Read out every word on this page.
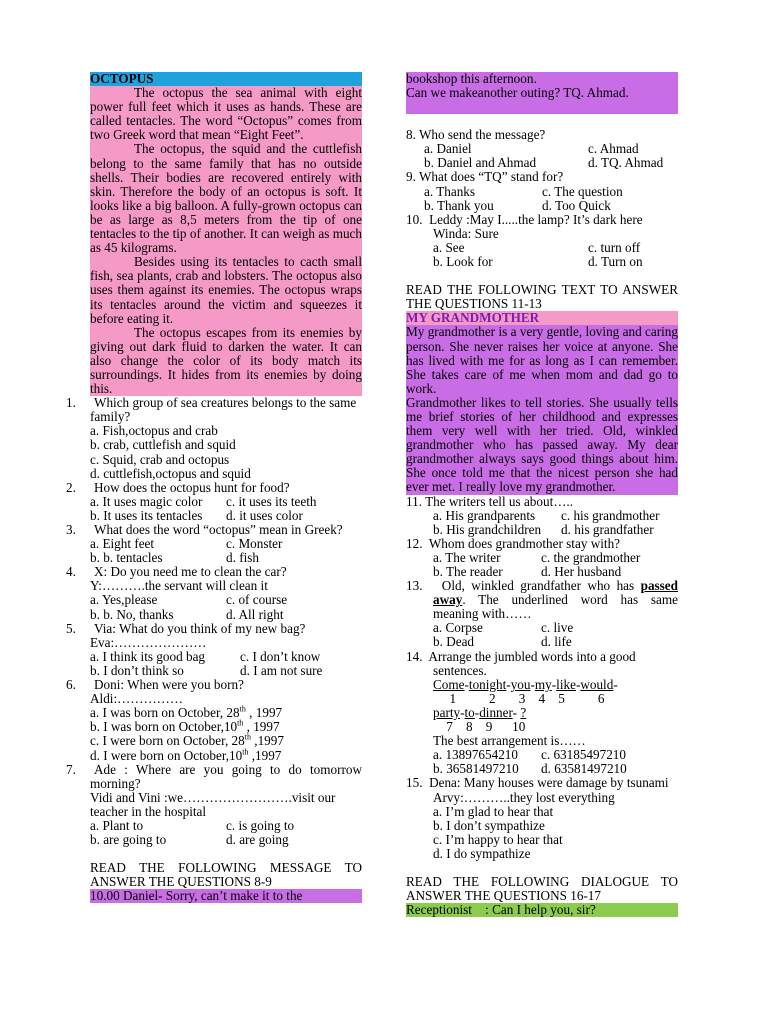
OCTOPUS

The octopus the sea animal with eight power full feet which it uses as hands. These are called tentacles. The word “Octopus” comes from two Greek word that mean “Eight Feet”.

The octopus, the squid and the cuttlefish belong to the same family that has no outside shells. Their bodies are recovered entirely with skin. Therefore the body of an octopus is soft. It looks like a big balloon. A fully-grown octopus can be as large as 8,5 meters from the tip of one tentacles to the tip of another. It can weigh as much as 45 kilograms.

Besides using its tentacles to cacth small fish, sea plants, crab and lobsters. The octopus also uses them against its enemies. The octopus wraps its tentacles around the victim and squeezes it before eating it.

The octopus escapes from its enemies by giving out dark fluid to darken the water. It can also change the color of its body match its surroundings. It hides from its enemies by doing this.

1.	Which group of sea creatures belongs to the same family?

a. Fish,octopus and crab

b. crab, cuttlefish and squid

c. Squid, crab and octopus

d. cuttlefish,octopus and squid

2.	How does the octopus hunt for food?

a. It uses magic color	c. it uses its teeth
b. It uses its tentacles	d. it uses color
3.	What does the word “octopus” mean in Greek?

a. Eight feet	c. Monster
b. b. tentacles	d. fish
4.	X: Do you need me to clean the car?

Y:……….the servant will clean it

a. Yes,please	c. of course
b. b. No, thanks	d. All right
5.	Via: What do you think of my new bag?

Eva:…………………

a. I think its good bag	c. I don’t know
b. I don’t think so	d. I am not sure
6.	Doni: When were you born?

Aldi:……………

a. I was born on October, 28th , 1997

b. I was born on October,10th , 1997

c. I were born on October, 28th ,1997

d. I were born on October,10th ,1997

7.	Ade : Where are you going to do tomorrow morning?

Vidi and Vini :we…………………….visit our teacher in the hospital

a. Plant to	c. is going to
b. are going to	d. are going

READ THE FOLLOWING MESSAGE TO ANSWER THE QUESTIONS 8-9

10.00 Daniel- Sorry, can’t make it to the

bookshop this afternoon.

Can we makeanother outing? TQ. Ahmad.

8. Who send the message?

a. Daniel	c. Ahmad
b. Daniel and Ahmad	d. TQ. Ahmad

9. What does “TQ” stand for?

a. Thanks	c. The question
b. Thank you	d. Too Quick

10. Leddy :May I.....the lamp? It’s dark here

Winda: Sure

a. See	c. turn off
b. Look for	d. Turn on

READ THE FOLLOWING TEXT TO ANSWER THE QUESTIONS 11-13

MY GRANDMOTHER

My grandmother is a very gentle, loving and caring person. She never raises her voice at anyone. She has lived with me for as long as I can remember. She takes care of me when mom and dad go to work.

Grandmother likes to tell stories. She usually tells me brief stories of her childhood and expresses them very well with her tried. Old, winkled grandmother who has passed away. My dear grandmother always says good things about him. She once told me that the nicest person she had ever met. I really love my grandmother.

11. The writers tell us about…..

a. His grandparents	c. his grandmother
b. His grandchildren	d. his grandfather

12. Whom does grandmother stay with?

a. The writer	c. the grandmother
b. The reader	d. Her husband

13. Old, winkled grandfather who has passed away. The underlined word has same meaning with……

a. Corpse	c. live
b. Dead	d. life

14. Arrange the jumbled words into a good sentences.

Come-tonight-you-my-like-would-

1 2 3 4 5 6

party-to-dinner- ?

7 8 9 10

The best arrangement is……

a. 13897654210	c. 63185497210
b. 36581497210	d. 63581497210

15. Dena: Many houses were damage by tsunami

Arvy:………..they lost everything

a. I’m glad to hear that

b. I don’t sympathize

c. I’m happy to hear that

d. I do sympathize

READ THE FOLLOWING DIALOGUE TO ANSWER THE QUESTIONS 16-17

Receptionist    : Can I help you, sir?
